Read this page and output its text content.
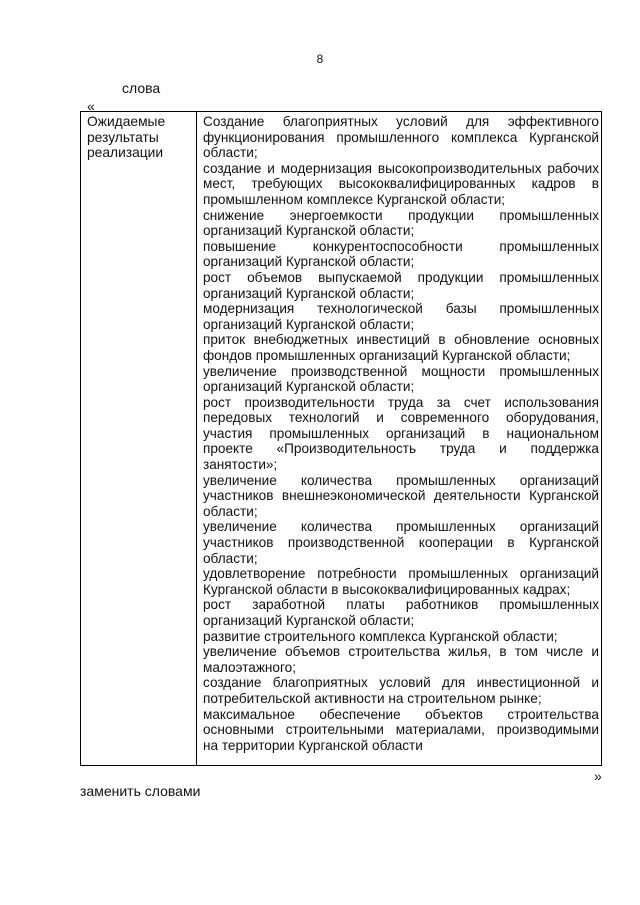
8
слова
«
Ожидаемые
результаты
реализации
Создание благоприятных условий для эффективного
функционирования промышленного комплекса Курганской
области;
создание и модернизация высокопроизводительных рабочих
мест, требующих высококвалифицированных кадров в
промышленном комплексе Курганской области;
снижение энергоемкости продукции промышленных
организаций Курганской области;
повышение конкурентоспособности промышленных
организаций Курганской области;
рост объемов выпускаемой продукции промышленных
организаций Курганской области;
модернизация технологической базы промышленных
организаций Курганской области;
приток внебюджетных инвестиций в обновление основных
фондов промышленных организаций Курганской области;
увеличение производственной мощности промышленных
организаций Курганской области;
рост производительности труда за счет использования
передовых технологий и современного оборудования,
участия промышленных организаций в национальном
проекте «Производительность труда и поддержка
занятости»;
увеличение количества промышленных организаций
участников внешнеэкономической деятельности Курганской
области;
увеличение количества промышленных организаций
участников производственной кооперации в Курганской
области;
удовлетворение потребности промышленных организаций
Курганской области в высококвалифицированных кадрах;
рост заработной платы работников промышленных
организаций Курганской области;
развитие строительного комплекса Курганской области;
увеличение объемов строительства жилья, в том числе и
малоэтажного;
создание благоприятных условий для инвестиционной и
потребительской активности на строительном рынке;
максимальное обеспечение объектов строительства
основными строительными материалами, производимыми
на территории Курганской области
»
заменить словами
